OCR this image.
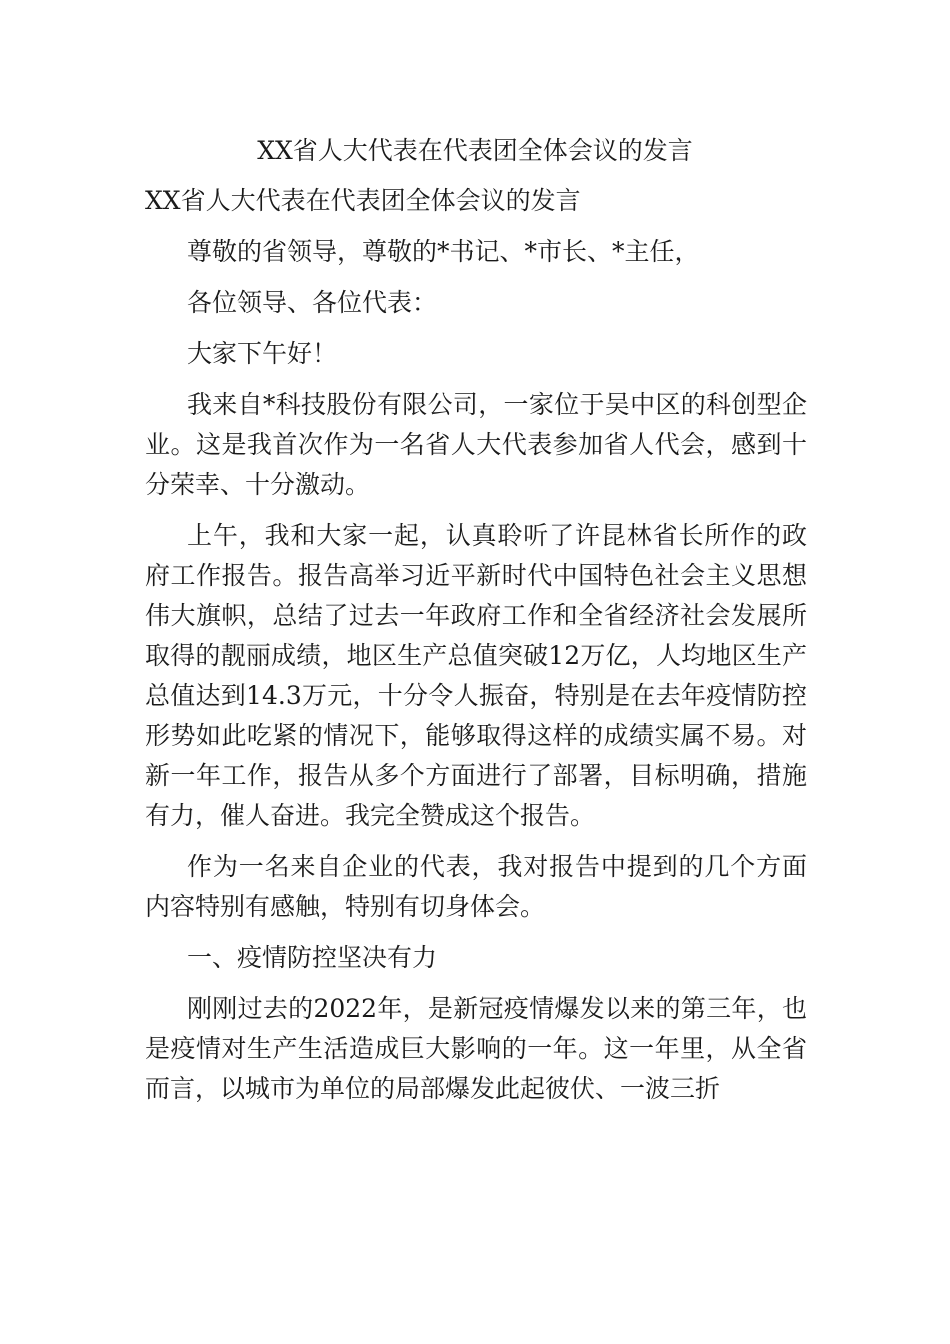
XX省人大代表在代表团全体会议的发言

XX省人大代表在代表团全体会议的发言

尊敬的省领导，尊敬的*书记、*市长、*主任，

各位领导、各位代表：

大家下午好！

我来自*科技股份有限公司，一家位于吴中区的科创型企业。这是我首次作为一名省人大代表参加省人代会，感到十分荣幸、十分激动。

上午，我和大家一起，认真聆听了许昆林省长所作的政府工作报告。报告高举习近平新时代中国特色社会主义思想伟大旗帜，总结了过去一年政府工作和全省经济社会发展所取得的靓丽成绩，地区生产总值突破12万亿，人均地区生产总值达到14.3万元，十分令人振奋，特别是在去年疫情防控形势如此吃紧的情况下，能够取得这样的成绩实属不易。对新一年工作，报告从多个方面进行了部署，目标明确，措施有力，催人奋进。我完全赞成这个报告。

作为一名来自企业的代表，我对报告中提到的几个方面内容特别有感触，特别有切身体会。

一、疫情防控坚决有力

刚刚过去的2022年，是新冠疫情爆发以来的第三年，也是疫情对生产生活造成巨大影响的一年。这一年里，从全省而言，以城市为单位的局部爆发此起彼伏、一波三折
